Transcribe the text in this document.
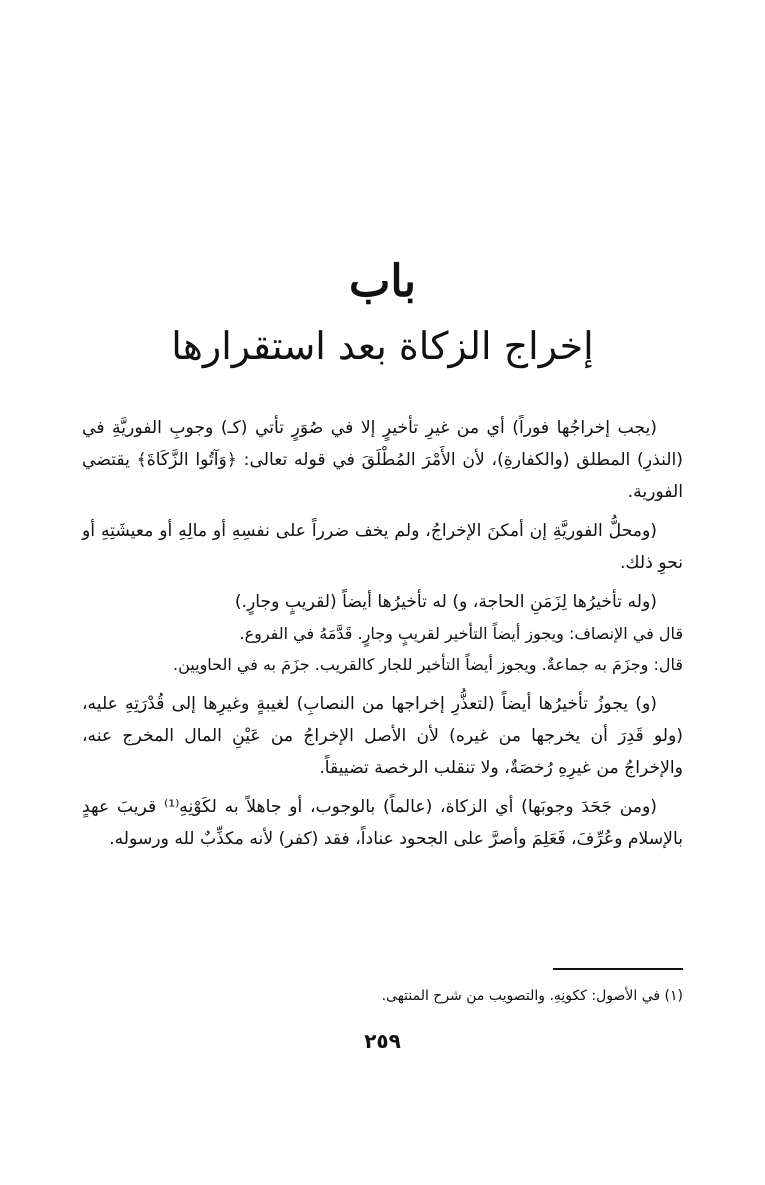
باب
إخراج الزكاة بعد استقرارها

(يجب إخراجُها فوراً) أي من غيرِ تأخيرٍ إلا في صُوَرٍ تأتي (كـ) وجوبِ الفوريَّةِ في (النذرِ) المطلق (والكفارةِ)، لأن الأَمْرَ المُطْلَقَ في قوله تعالى: ﴿وَآتُوا الزَّكَاةَ﴾ يقتضي الفورية.

(ومحلُّ الفوريَّةِ إن أمكنَ الإخراجُ، ولم يخف ضرراً على نفسِهِ أو مالِهِ أو معيشَتِهِ أو نحوِ ذلك.

(وله تأخيرُها لِزَمَنِ الحاجة، و) له تأخيرُها أيضاً (لقريبٍ وجارٍ.)

قال في الإنصاف: ويجوز أيضاً التأخير لقريبٍ وجارٍ. قَدَّمَهُ في الفروع.

قال: وجزَمَ به جماعةٌ. ويجوز أيضاً التأخير للجار كالقريب. جزَمَ به في الحاويين.

(و) يجوزُ تأخيرُها أيضاً (لتعذُّرِ إخراجها من النصابِ) لغيبةٍ وغيرِها إلى قُدْرَتِهِ عليه، (ولو قَدِرَ أن يخرجها من غيره) لأن الأصل الإخراجُ من عَيْنِ المال المخرج عنه، والإخراجُ من غيرِهِ رُخصَةٌ، ولا تنقلب الرخصة تضييقاً.

(ومن جَحَدَ وجوبَها) أي الزكاة، (عالماً) بالوجوب، أو جاهلاً به لكَوْنِهِ⁽¹⁾ قريبَ عهدٍ بالإسلام وعُرِّفَ، فَعَلِمَ وأصرَّ على الجحود عناداً، فقد (كفر) لأنه مكذِّبٌ لله ورسوله.

(١) في الأصول: ككونِهِ. والتصويب من شرح المنتهى.
٢٥٩
